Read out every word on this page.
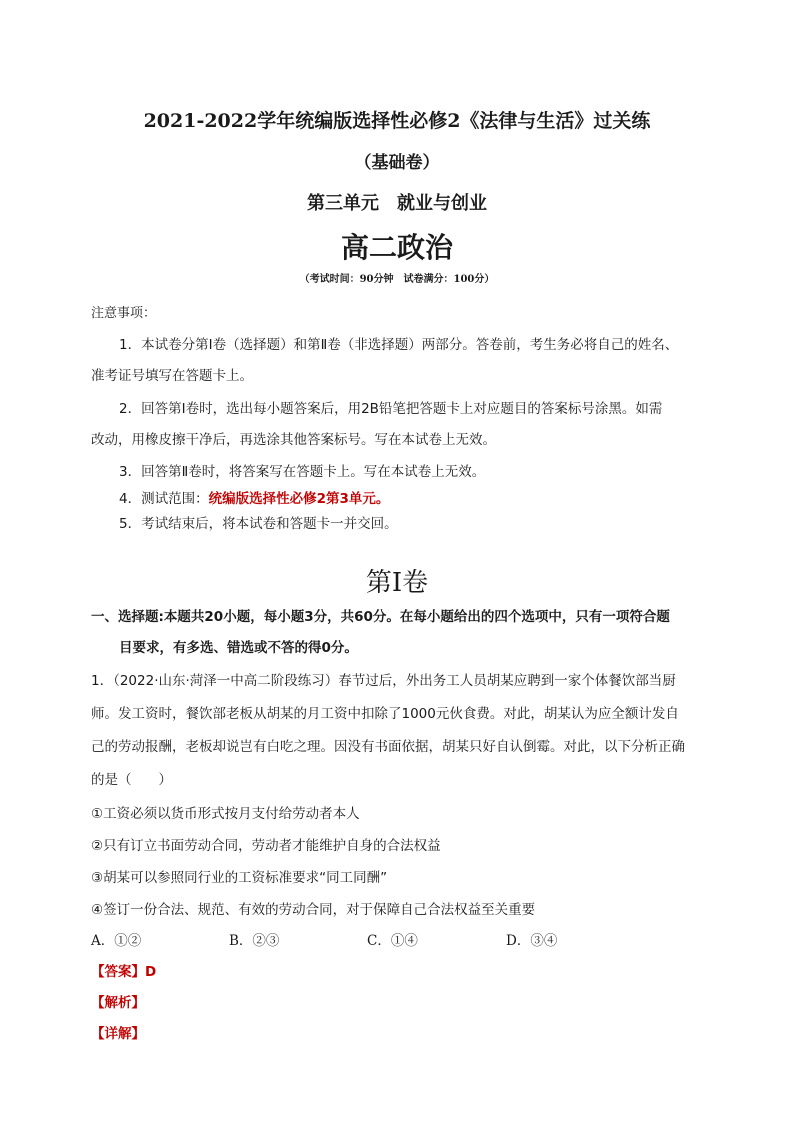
2021-2022学年统编版选择性必修2《法律与生活》过关练
（基础卷）
第三单元　就业与创业
高二政治
（考试时间：90分钟　试卷满分：100分）
注意事项：
1．本试卷分第Ⅰ卷（选择题）和第Ⅱ卷（非选择题）两部分。答卷前，考生务必将自己的姓名、
准考证号填写在答题卡上。
2．回答第Ⅰ卷时，选出每小题答案后，用2B铅笔把答题卡上对应题目的答案标号涂黑。如需
改动，用橡皮擦干净后，再选涂其他答案标号。写在本试卷上无效。
3．回答第Ⅱ卷时，将答案写在答题卡上。写在本试卷上无效。
4．测试范围：统编版选择性必修2第3单元。
5．考试结束后，将本试卷和答题卡一并交回。
第Ⅰ卷
一、选择题:本题共20小题，每小题3分，共60分。在每小题给出的四个选项中，只有一项符合题
目要求，有多选、错选或不答的得0分。
1．（2022·山东·菏泽一中高二阶段练习）春节过后，外出务工人员胡某应聘到一家个体餐饮部当厨
师。发工资时，餐饮部老板从胡某的月工资中扣除了1000元伙食费。对此，胡某认为应全额计发自
己的劳动报酬，老板却说岂有白吃之理。因没有书面依据，胡某只好自认倒霉。对此，以下分析正确
的是（　　）
①工资必须以货币形式按月支付给劳动者本人
②只有订立书面劳动合同，劳动者才能维护自身的合法权益
③胡某可以参照同行业的工资标准要求“同工同酬”
④签订一份合法、规范、有效的劳动合同，对于保障自己合法权益至关重要
A．①②	B．②③	C．①④	D．③④
【答案】D
【解析】
【详解】
